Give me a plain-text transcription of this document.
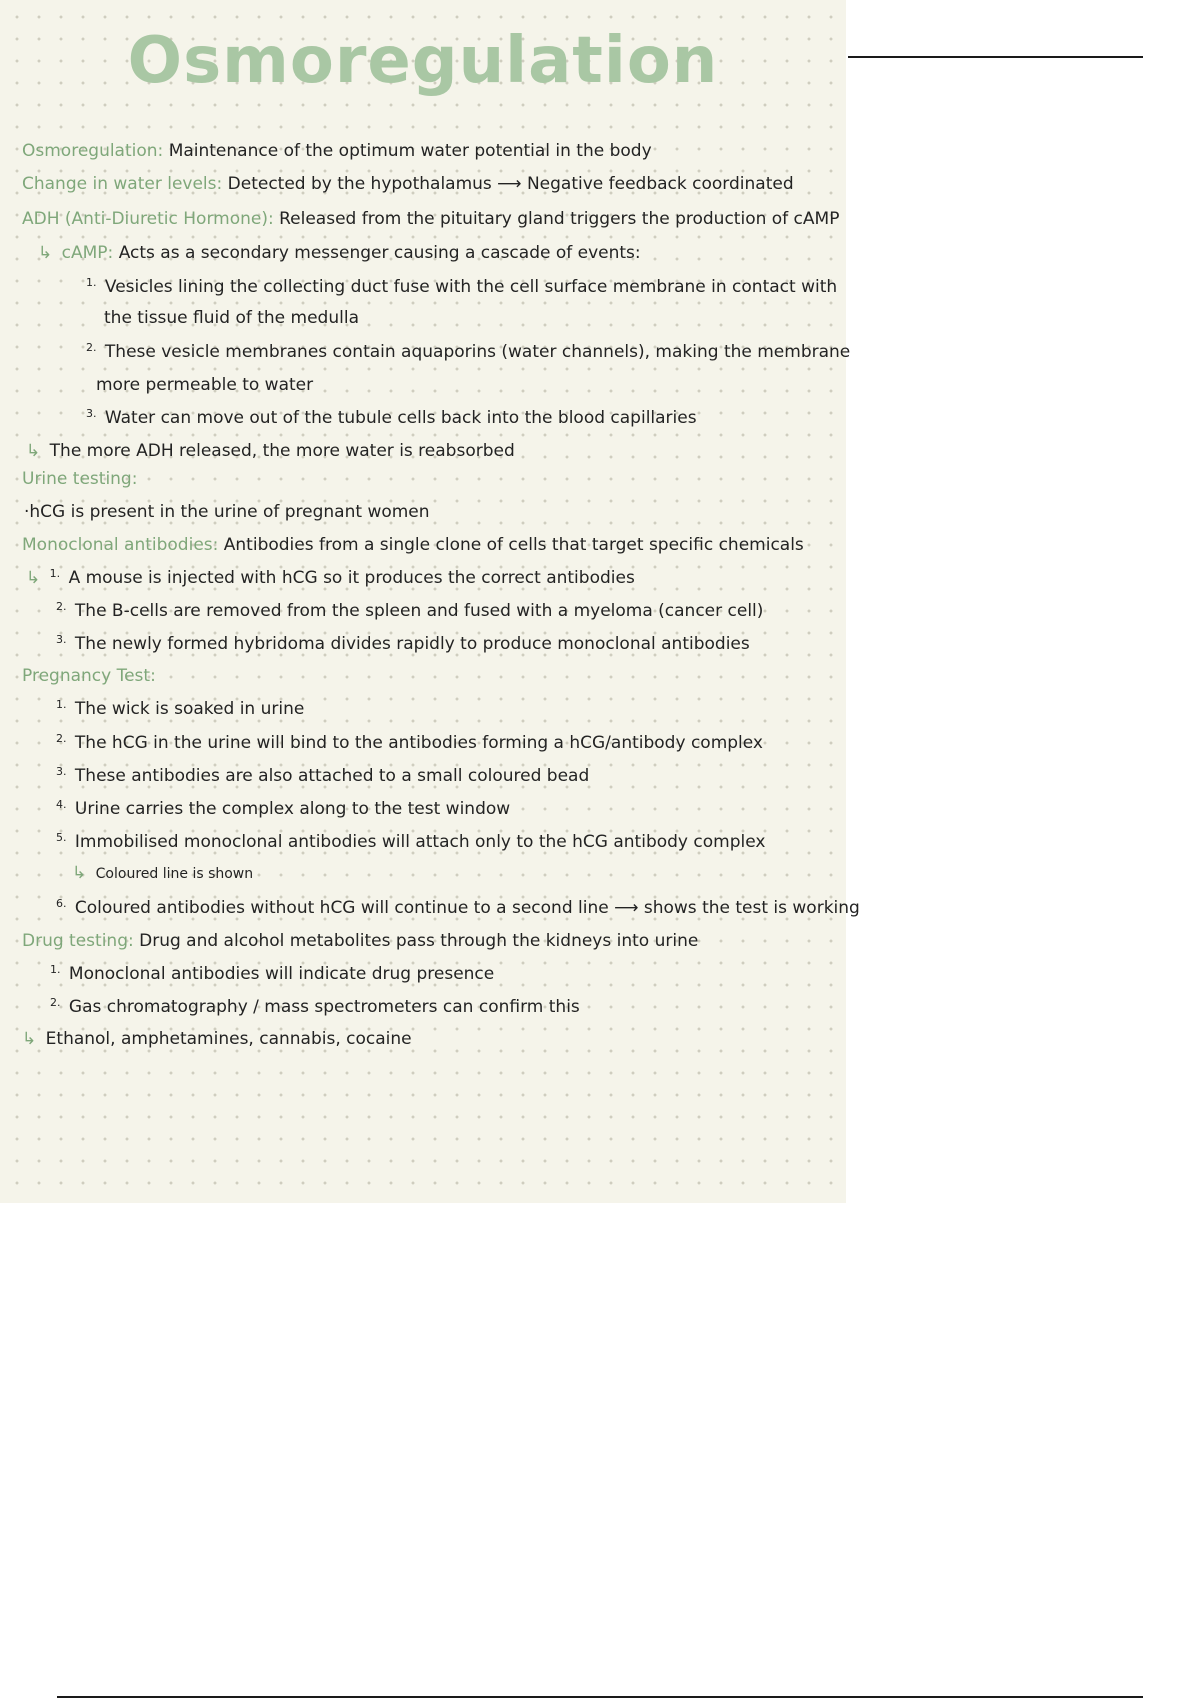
Osmoregulation
Osmoregulation: Maintenance of the optimum water potential in the body
Change in water levels: Detected by the hypothalamus ⟶ Negative feedback coordinated
ADH (Anti-Diuretic Hormone): Released from the pituitary gland triggers the production of cAMP
↳ cAMP: Acts as a secondary messenger causing a cascade of events:
$^{1.}$ Vesicles lining the collecting duct fuse with the cell surface membrane in contact with
the tissue fluid of the medulla
$^{2.}$ These vesicle membranes contain aquaporins (water channels), making the membrane
more permeable to water
$^{3.}$ Water can move out of the tubule cells back into the blood capillaries
↳ The more ADH released, the more water is reabsorbed
Urine testing:
·hCG is present in the urine of pregnant women
Monoclonal antibodies: Antibodies from a single clone of cells that target specific chemicals
↳ $^{1.}$ A mouse is injected with hCG so it produces the correct antibodies
$^{2.}$ The B-cells are removed from the spleen and fused with a myeloma (cancer cell)
$^{3.}$ The newly formed hybridoma divides rapidly to produce monoclonal antibodies
Pregnancy Test:
$^{1.}$ The wick is soaked in urine
$^{2.}$ The hCG in the urine will bind to the antibodies forming a hCG/antibody complex
$^{3.}$ These antibodies are also attached to a small coloured bead
$^{4.}$ Urine carries the complex along to the test window
$^{5.}$ Immobilised monoclonal antibodies will attach only to the hCG antibody complex
↳ Coloured line is shown
$^{6.}$ Coloured antibodies without hCG will continue to a second line ⟶ shows the test is working
Drug testing: Drug and alcohol metabolites pass through the kidneys into urine
$^{1.}$ Monoclonal antibodies will indicate drug presence
$^{2.}$ Gas chromatography / mass spectrometers can confirm this
↳ Ethanol, amphetamines, cannabis, cocaine
